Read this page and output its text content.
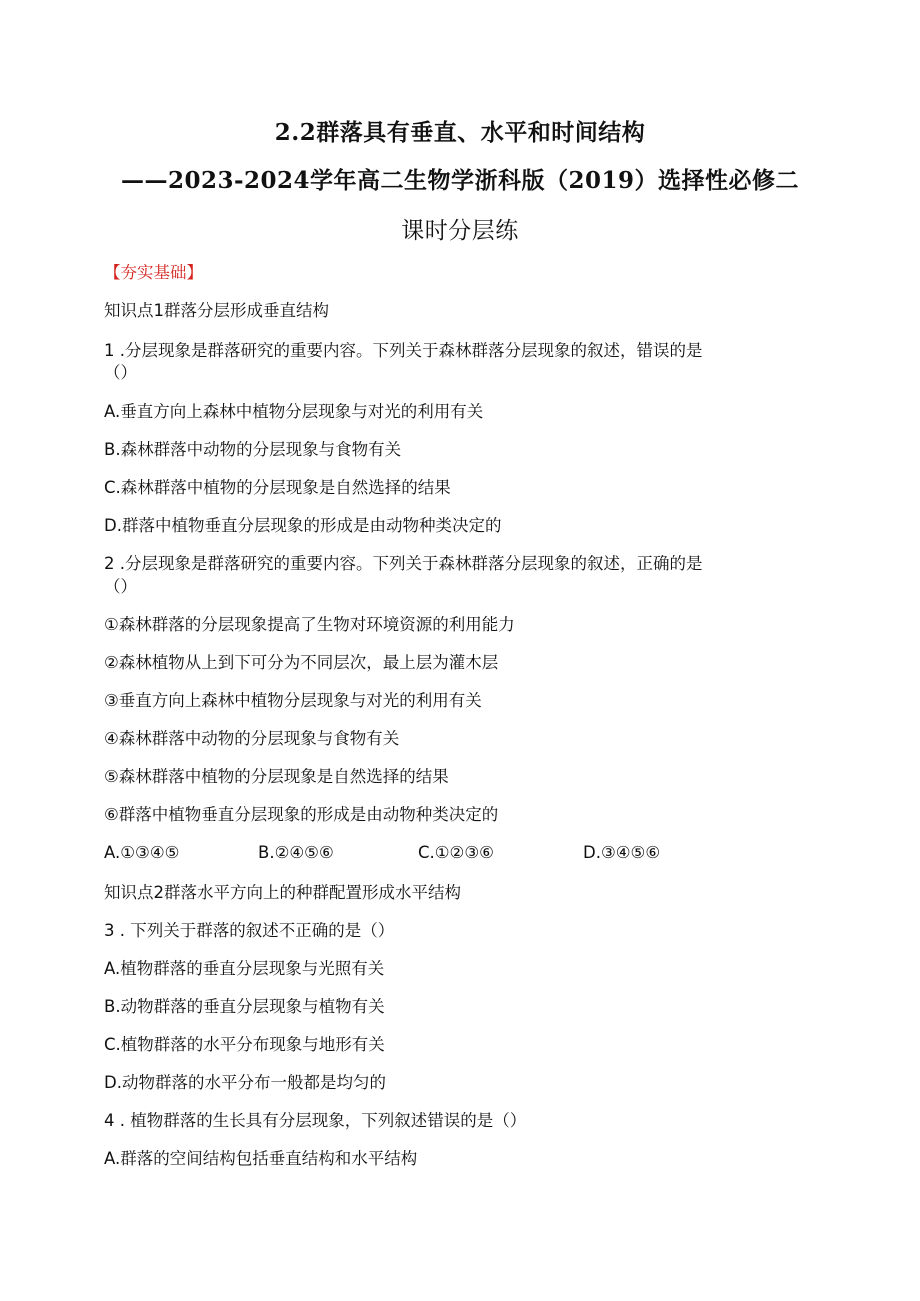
2.2群落具有垂直、水平和时间结构
——2023-2024学年高二生物学浙科版（2019）选择性必修二
课时分层练
【夯实基础】
知识点1群落分层形成垂直结构
1 .分层现象是群落研究的重要内容。下列关于森林群落分层现象的叙述，错误的是
（）
A.垂直方向上森林中植物分层现象与对光的利用有关
B.森林群落中动物的分层现象与食物有关
C.森林群落中植物的分层现象是自然选择的结果
D.群落中植物垂直分层现象的形成是由动物种类决定的
2 .分层现象是群落研究的重要内容。下列关于森林群落分层现象的叙述，正确的是
（）
①森林群落的分层现象提高了生物对环境资源的利用能力
②森林植物从上到下可分为不同层次，最上层为灌木层
③垂直方向上森林中植物分层现象与对光的利用有关
④森林群落中动物的分层现象与食物有关
⑤森林群落中植物的分层现象是自然选择的结果
⑥群落中植物垂直分层现象的形成是由动物种类决定的
A.①③④⑤	B.②④⑤⑥	C.①②③⑥	D.③④⑤⑥
知识点2群落水平方向上的种群配置形成水平结构
3 . 下列关于群落的叙述不正确的是（）
A.植物群落的垂直分层现象与光照有关
B.动物群落的垂直分层现象与植物有关
C.植物群落的水平分布现象与地形有关
D.动物群落的水平分布一般都是均匀的
4 . 植物群落的生长具有分层现象，下列叙述错误的是（）
A.群落的空间结构包括垂直结构和水平结构
